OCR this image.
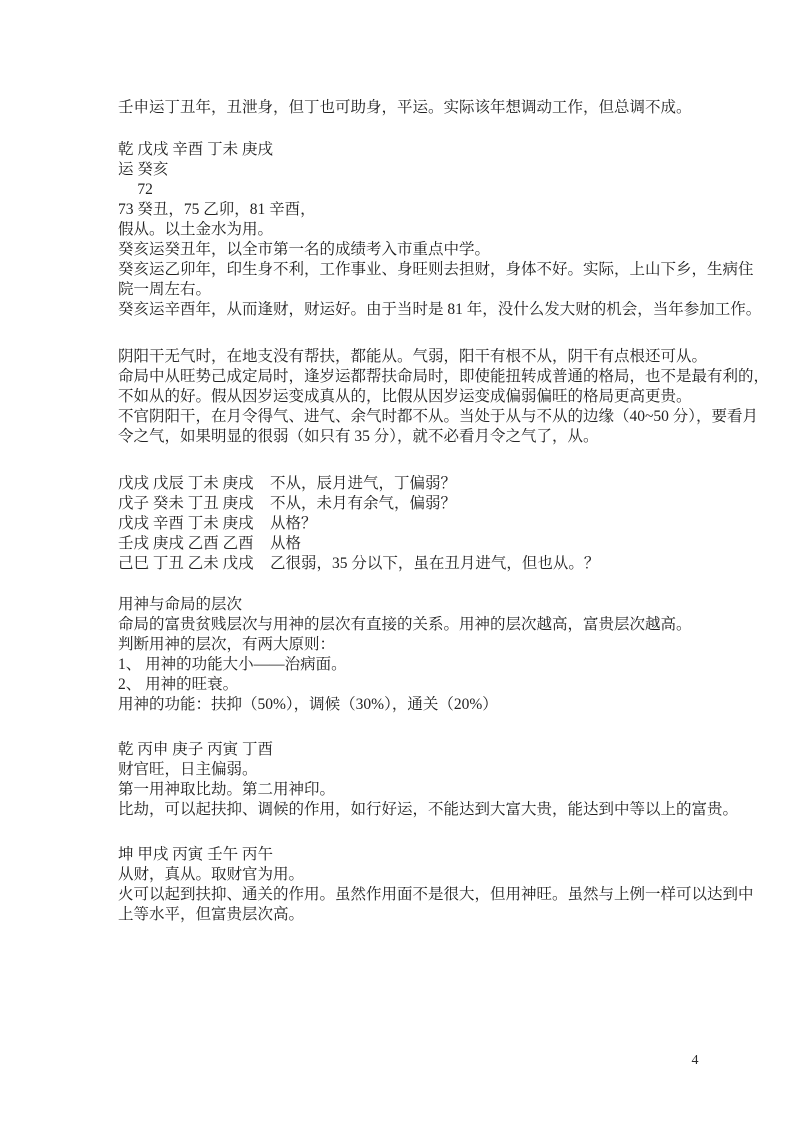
壬申运丁丑年，丑泄身，但丁也可助身，平运。实际该年想调动工作，但总调不成。
乾 戊戌 辛酉 丁未 庚戌
运 癸亥
　 72
73 癸丑，75 乙卯，81 辛酉，
假从。以土金水为用。
癸亥运癸丑年，以全市第一名的成绩考入市重点中学。
癸亥运乙卯年，印生身不利，工作事业、身旺则去担财，身体不好。实际，上山下乡，生病住
院一周左右。
癸亥运辛酉年，从而逢财，财运好。由于当时是 81 年，没什么发大财的机会，当年参加工作。
阴阳干无气时，在地支没有帮扶，都能从。气弱，阳干有根不从，阴干有点根还可从。
命局中从旺势己成定局时，逢岁运都帮扶命局时，即使能扭转成普通的格局，也不是最有利的，
不如从的好。假从因岁运变成真从的，比假从因岁运变成偏弱偏旺的格局更高更贵。
不官阴阳干，在月令得气、进气、余气时都不从。当处于从与不从的边缘（40~50 分），要看月
令之气，如果明显的很弱（如只有 35 分），就不必看月令之气了，从。
戊戌 戊辰 丁未 庚戌	不从，辰月进气，丁偏弱？
戊子 癸未 丁丑 庚戌	不从，未月有余气，偏弱？
戊戌 辛酉 丁未 庚戌	从格？
壬戌 庚戌 乙酉 乙酉	从格
己巳 丁丑 乙未 戊戌	乙很弱，35 分以下，虽在丑月进气，但也从。？
用神与命局的层次
命局的富贵贫贱层次与用神的层次有直接的关系。用神的层次越高，富贵层次越高。
判断用神的层次，有两大原则：
1、 用神的功能大小——治病面。
2、 用神的旺衰。
用神的功能：扶抑（50%），调候（30%），通关（20%）
乾 丙申 庚子 丙寅 丁酉
财官旺，日主偏弱。
第一用神取比劫。第二用神印。
比劫，可以起扶抑、调候的作用，如行好运，不能达到大富大贵，能达到中等以上的富贵。
坤 甲戌 丙寅 壬午 丙午
从财，真从。取财官为用。
火可以起到扶抑、通关的作用。虽然作用面不是很大，但用神旺。虽然与上例一样可以达到中
上等水平，但富贵层次高。
4
